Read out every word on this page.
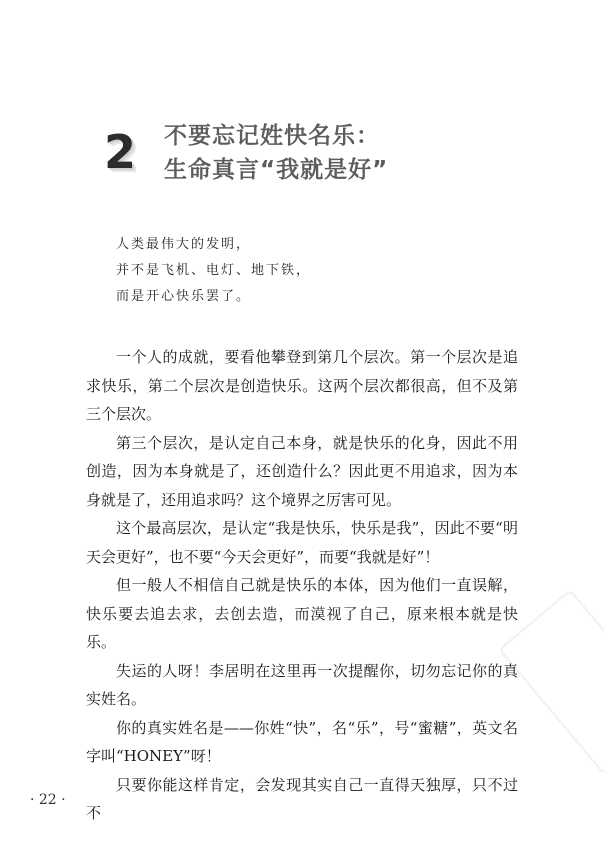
2 不要忘记姓快名乐：
生命真言“我就是好”
人类最伟大的发明，
并不是飞机、电灯、地下铁，
而是开心快乐罢了。

一个人的成就，要看他攀登到第几个层次。第一个层次是追求快乐，第二个层次是创造快乐。这两个层次都很高，但不及第三个层次。

第三个层次，是认定自己本身，就是快乐的化身，因此不用创造，因为本身就是了，还创造什么？因此更不用追求，因为本身就是了，还用追求吗？这个境界之厉害可见。

这个最高层次，是认定“我是快乐，快乐是我”，因此不要“明天会更好”，也不要“今天会更好”，而要“我就是好”！

但一般人不相信自己就是快乐的本体，因为他们一直误解，快乐要去追去求，去创去造，而漠视了自己，原来根本就是快乐。

失运的人呀！李居明在这里再一次提醒你，切勿忘记你的真实姓名。

你的真实姓名是——你姓“快”，名“乐”，号“蜜糖”，英文名字叫“HONEY”呀！

只要你能这样肯定，会发现其实自己一直得天独厚，只不过不

· 22 ·
